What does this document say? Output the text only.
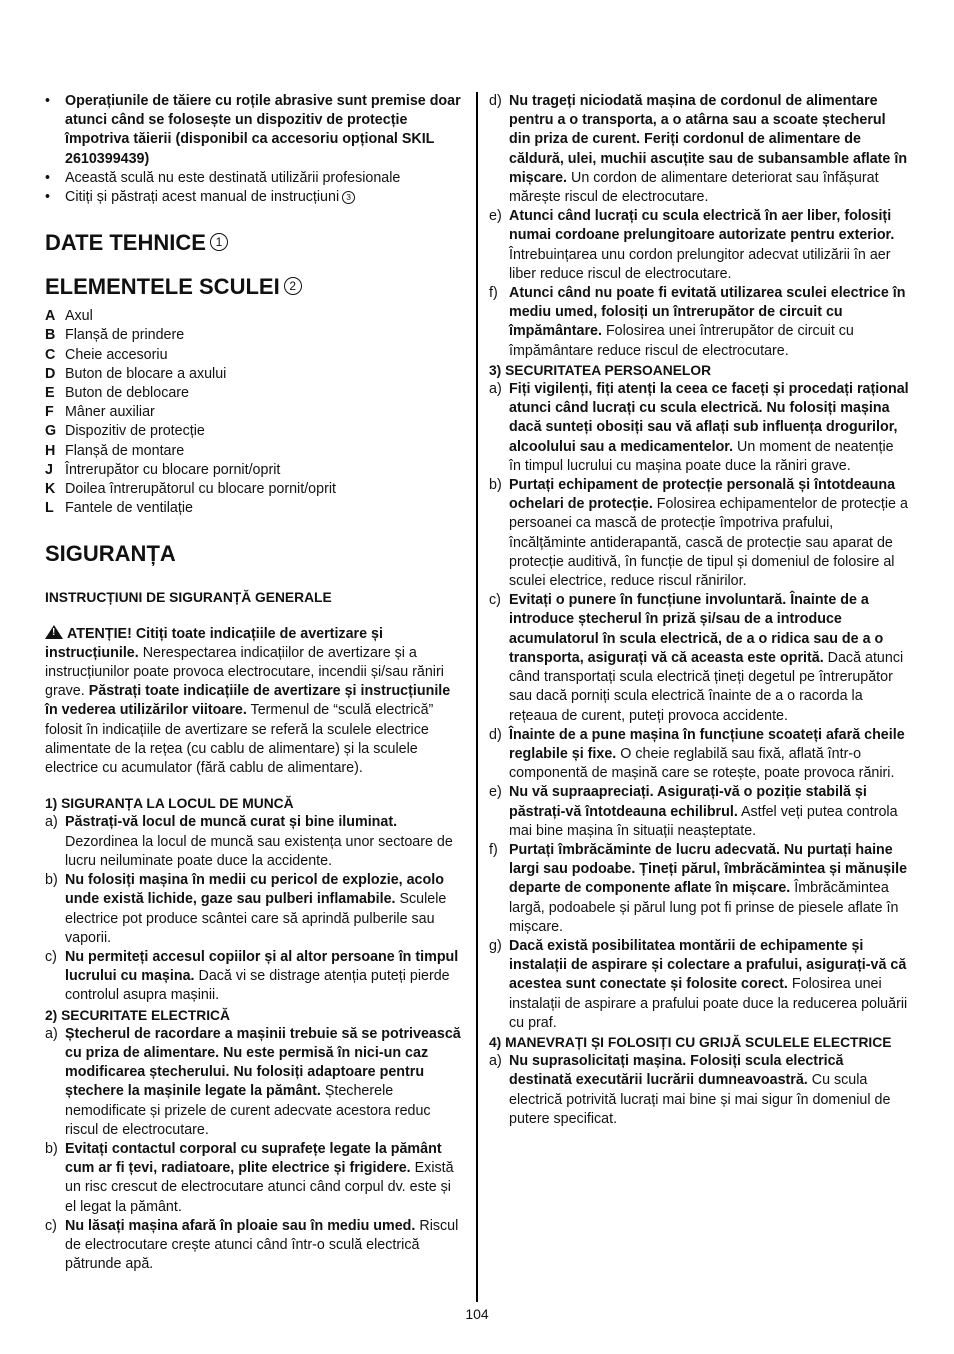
• Operațiunile de tăiere cu roțile abrasive sunt premise doar atunci când se folosește un dispozitiv de protecție împotriva tăierii (disponibil ca accesoriu opțional SKIL 2610399439)
• Această sculă nu este destinată utilizării profesionale
• Citiți și păstrați acest manual de instrucțiuni 3
DATE TEHNICE 1
ELEMENTELE SCULEI 2
A Axul
B Flanșă de prindere
C Cheie accesoriu
D Buton de blocare a axului
E Buton de deblocare
F Mâner auxiliar
G Dispozitiv de protecție
H Flanșă de montare
J Întrerupător cu blocare pornit/oprit
K Doilea întrerupătorul cu blocare pornit/oprit
L Fantele de ventilație
SIGURANȚA
INSTRUCȚIUNI DE SIGURANȚĂ GENERALE
!ATENȚIE! Citiți toate indicațiile de avertizare și instrucțiunile. Nerespectarea indicațiilor de avertizare și a instrucțiunilor poate provoca electrocutare, incendii și/sau răniri grave. Păstrați toate indicațiile de avertizare și instrucțiunile în vederea utilizărilor viitoare. Termenul de “sculă electrică” folosit în indicațiile de avertizare se referă la sculele electrice alimentate de la rețea (cu cablu de alimentare) și la sculele electrice cu acumulator (fără cablu de alimentare).
1) SIGURANȚA LA LOCUL DE MUNCĂ
a) Păstrați-vă locul de muncă curat și bine iluminat. Dezordinea la locul de muncă sau existența unor sectoare de lucru neiluminate poate duce la accidente.
b) Nu folosiți mașina în medii cu pericol de explozie, acolo unde există lichide, gaze sau pulberi inflamabile. Sculele electrice pot produce scântei care să aprindă pulberile sau vaporii.
c) Nu permiteți accesul copiilor și al altor persoane în timpul lucrului cu mașina. Dacă vi se distrage atenția puteți pierde controlul asupra mașinii.
2) SECURITATE ELECTRICĂ
a) Ștecherul de racordare a mașinii trebuie să se potrivească cu priza de alimentare. Nu este permisă în nici-un caz modificarea ștecherului. Nu folosiți adaptoare pentru ștechere la mașinile legate la pământ. Ștecherele nemodificate și prizele de curent adecvate acestora reduc riscul de electrocutare.
b) Evitați contactul corporal cu suprafețe legate la pământ cum ar fi țevi, radiatoare, plite electrice și frigidere. Există un risc crescut de electrocutare atunci când corpul dv. este și el legat la pământ.
c) Nu lăsați mașina afară în ploaie sau în mediu umed. Riscul de electrocutare crește atunci când într-o sculă electrică pătrunde apă.
d) Nu trageți niciodată mașina de cordonul de alimentare pentru a o transporta, a o atârna sau a scoate ștecherul din priza de curent. Feriți cordonul de alimentare de căldură, ulei, muchii ascuțite sau de subansamble aflate în mișcare. Un cordon de alimentare deteriorat sau înfășurat mărește riscul de electrocutare.
e) Atunci când lucrați cu scula electrică în aer liber, folosiți numai cordoane prelungitoare autorizate pentru exterior. Întrebuințarea unu cordon prelungitor adecvat utilizării în aer liber reduce riscul de electrocutare.
f) Atunci când nu poate fi evitată utilizarea sculei electrice în mediu umed, folosiți un întrerupător de circuit cu împământare. Folosirea unei întrerupător de circuit cu împământare reduce riscul de electrocutare.
3) SECURITATEA PERSOANELOR
a) Fiți vigilenți, fiți atenți la ceea ce faceți și procedați rațional atunci când lucrați cu scula electrică. Nu folosiți mașina dacă sunteți obosiți sau vă aflați sub influența drogurilor, alcoolului sau a medicamentelor. Un moment de neatenție în timpul lucrului cu mașina poate duce la răniri grave.
b) Purtați echipament de protecție personală și întotdeauna ochelari de protecție. Folosirea echipamentelor de protecție a persoanei ca mască de protecție împotriva prafului, încălțăminte antiderapantă, cască de protecție sau aparat de protecție auditivă, în funcție de tipul și domeniul de folosire al sculei electrice, reduce riscul rănirilor.
c) Evitați o punere în funcțiune involuntară. Înainte de a introduce ștecherul în priză și/sau de a introduce acumulatorul în scula electrică, de a o ridica sau de a o transporta, asigurați vă că aceasta este oprită. Dacă atunci când transportați scula electrică țineți degetul pe întrerupător sau dacă porniți scula electrică înainte de a o racorda la rețeaua de curent, puteți provoca accidente.
d) Înainte de a pune mașina în funcțiune scoateți afară cheile reglabile și fixe. O cheie reglabilă sau fixă, aflată într-o componentă de mașină care se rotește, poate provoca răniri.
e) Nu vă supraapreciați. Asigurați-vă o poziție stabilă și păstrați-vă întotdeauna echilibrul. Astfel veți putea controla mai bine mașina în situații neașteptate.
f) Purtați îmbrăcăminte de lucru adecvată. Nu purtați haine largi sau podoabe. Țineți părul, îmbrăcămintea și mănușile departe de componente aflate în mișcare. Îmbrăcămintea largă, podoabele și părul lung pot fi prinse de piesele aflate în mișcare.
g) Dacă există posibilitatea montării de echipamente și instalații de aspirare și colectare a prafului, asigurați-vă că acestea sunt conectate și folosite corect. Folosirea unei instalații de aspirare a prafului poate duce la reducerea poluării cu praf.
4) MANEVRAȚI ȘI FOLOSIȚI CU GRIJĂ SCULELE ELECTRICE
a) Nu suprasolicitați mașina. Folosiți scula electrică destinată executării lucrării dumneavoastră. Cu scula electrică potrivită lucrați mai bine și mai sigur în domeniul de putere specificat.
104
